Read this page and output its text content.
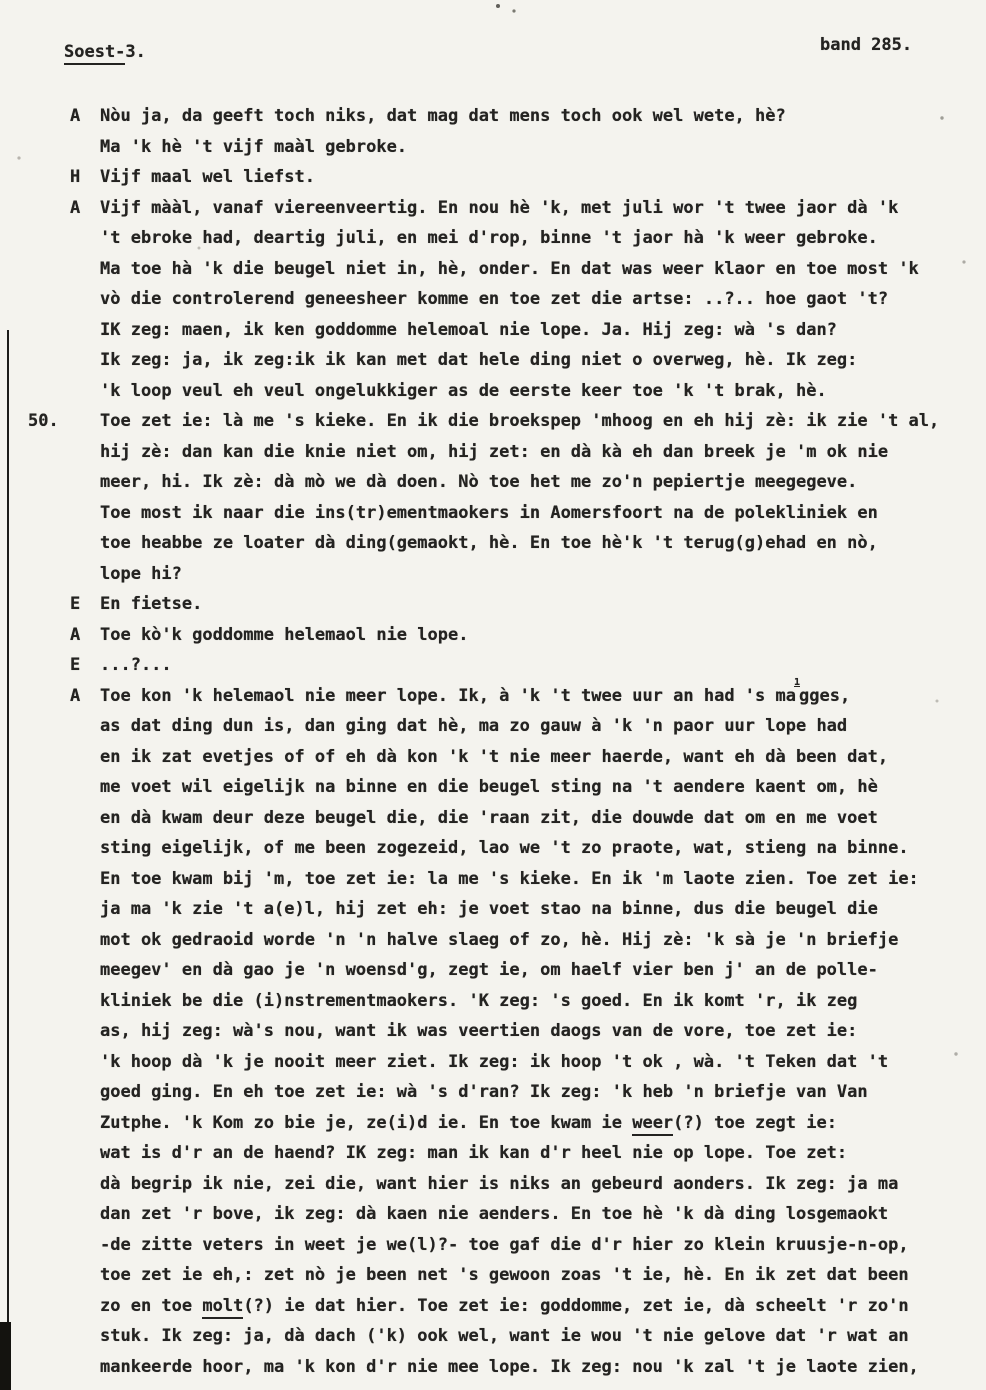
Soest-3.	band 285.
A Nòu ja, da geeft toch niks, dat mag dat mens toch ook wel wete, hè?
Ma 'k hè 't vijf maàl gebroke.
H Vijf maal wel liefst.
A Vijf mààl, vanaf viereenveertig. En nou hè 'k, met juli wor 't twee jaor dà 'k
't ebroke had, deartig juli, en mei d'rop, binne 't jaor hà 'k weer gebroke.
Ma toe hà 'k die beugel niet in, hè, onder. En dat was weer klaor en toe most 'k
vò die controlerend geneesheer komme en toe zet die artse: ..?.. hoe gaot 't?
IK zeg: maen, ik ken goddomme helemoal nie lope. Ja. Hij zeg: wà 's dan?
Ik zeg: ja, ik zeg:ik ik kan met dat hele ding niet o overweg, hè. Ik zeg:
'k loop veul eh veul ongelukkiger as de eerste keer toe 'k 't brak, hè.
50. Toe zet ie: là me 's kieke. En ik die broekspep 'mhoog en eh hij zè: ik zie 't al,
hij zè: dan kan die knie niet om, hij zet: en dà kà eh dan breek je 'm ok nie
meer, hi. Ik zè: dà mò we dà doen. Nò toe het me zo'n pepiertje meegegeve.
Toe most ik naar die ins(tr)ementmaokers in Aomersfoort na de polekliniek en
toe heabbe ze loater dà ding(gemaokt, hè. En toe hè'k 't terug(g)ehad en nò,
lope hi?
E En fietse.
A Toe kò'k goddomme helemaol nie lope.
E ...?...
A Toe kon 'k helemaol nie meer lope. Ik, à 'k 't twee uur an had 's ma$^1$gges,
as dat ding dun is, dan ging dat hè, ma zo gauw à 'k 'n paor uur lope had
en ik zat evetjes of of eh dà kon 'k 't nie meer haerde, want eh dà been dat,
me voet wil eigelijk na binne en die beugel sting na 't aendere kaent om, hè
en dà kwam deur deze beugel die, die 'raan zit, die douwde dat om en me voet
sting eigelijk, of me been zogezeid, lao we 't zo praote, wat, stieng na binne.
En toe kwam bij 'm, toe zet ie: la me 's kieke. En ik 'm laote zien. Toe zet ie:
ja ma 'k zie 't a(e)l, hij zet eh: je voet stao na binne, dus die beugel die
mot ok gedraoid worde 'n 'n halve slaeg of zo, hè. Hij zè: 'k sà je 'n briefje
meegev' en dà gao je 'n woensd'g, zegt ie, om haelf vier ben j' an de polle-
kliniek be die (i)nstrementmaokers. 'K zeg: 's goed. En ik komt 'r, ik zeg
as, hij zeg: wà's nou, want ik was veertien daogs van de vore, toe zet ie:
'k hoop dà 'k je nooit meer ziet. Ik zeg: ik hoop 't ok , wà. 't Teken dat 't
goed ging. En eh toe zet ie: wà 's d'ran? Ik zeg: 'k heb 'n briefje van Van
Zutphe. 'k Kom zo bie je, ze(i)d ie. En toe kwam ie weer(?) toe zegt ie:
wat is d'r an de haend? IK zeg: man ik kan d'r heel nie op lope. Toe zet:
dà begrip ik nie, zei die, want hier is niks an gebeurd aonders. Ik zeg: ja ma
dan zet 'r bove, ik zeg: dà kaen nie aenders. En toe hè 'k dà ding losgemaokt
-de zitte veters in weet je we(l)?- toe gaf die d'r hier zo klein kruusje-n-op,
toe zet ie eh,: zet nò je been net 's gewoon zoas 't ie, hè. En ik zet dat been
zo en toe molt(?) ie dat hier. Toe zet ie: goddomme, zet ie, dà scheelt 'r zo'n
stuk. Ik zeg: ja, dà dach ('k) ook wel, want ie wou 't nie gelove dat 'r wat an
mankeerde hoor, ma 'k kon d'r nie mee lope. Ik zeg: nou 'k zal 't je laote zien,
